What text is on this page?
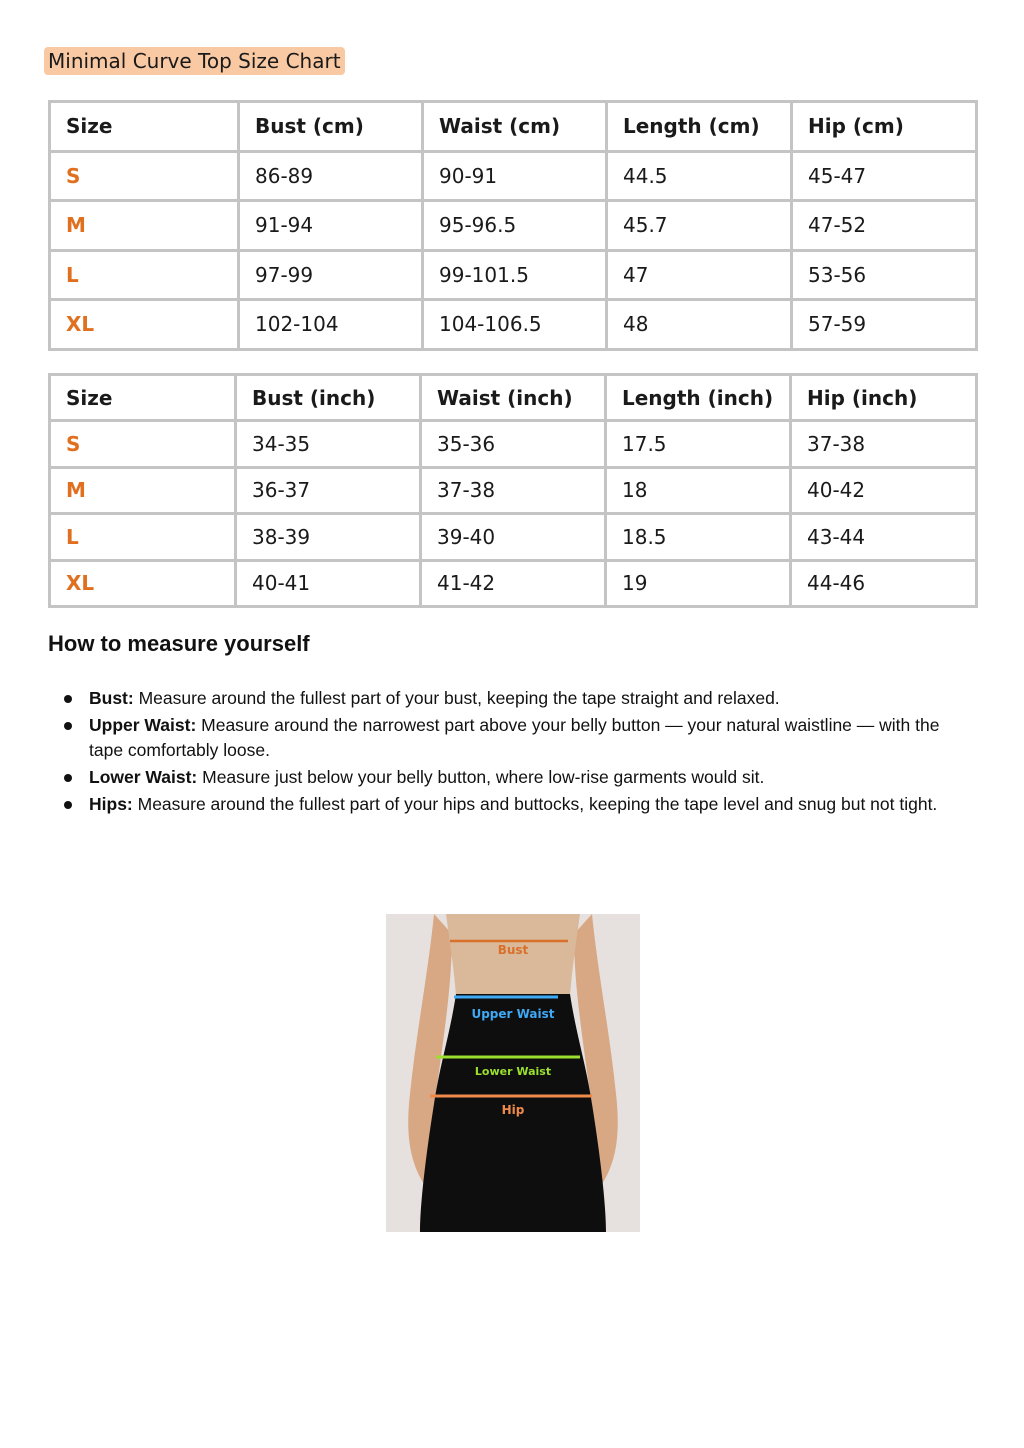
Minimal Curve Top Size Chart
Size	Bust (cm)	Waist (cm)	Length (cm)	Hip (cm)
S	86-89	90-91	44.5	45-47
M	91-94	95-96.5	45.7	47-52
L	97-99	99-101.5	47	53-56
XL	102-104	104-106.5	48	57-59
Size	Bust (inch)	Waist (inch)	Length (inch)	Hip (inch)
S	34-35	35-36	17.5	37-38
M	36-37	37-38	18	40-42
L	38-39	39-40	18.5	43-44
XL	40-41	41-42	19	44-46
How to measure yourself
Bust: Measure around the fullest part of your bust, keeping the tape straight and relaxed.
Upper Waist: Measure around the narrowest part above your belly button — your natural waistline — with the tape comfortably loose.
Lower Waist: Measure just below your belly button, where low-rise garments would sit.
Hips: Measure around the fullest part of your hips and buttocks, keeping the tape level and snug but not tight.
Bust
Upper Waist
Lower Waist
Hip
